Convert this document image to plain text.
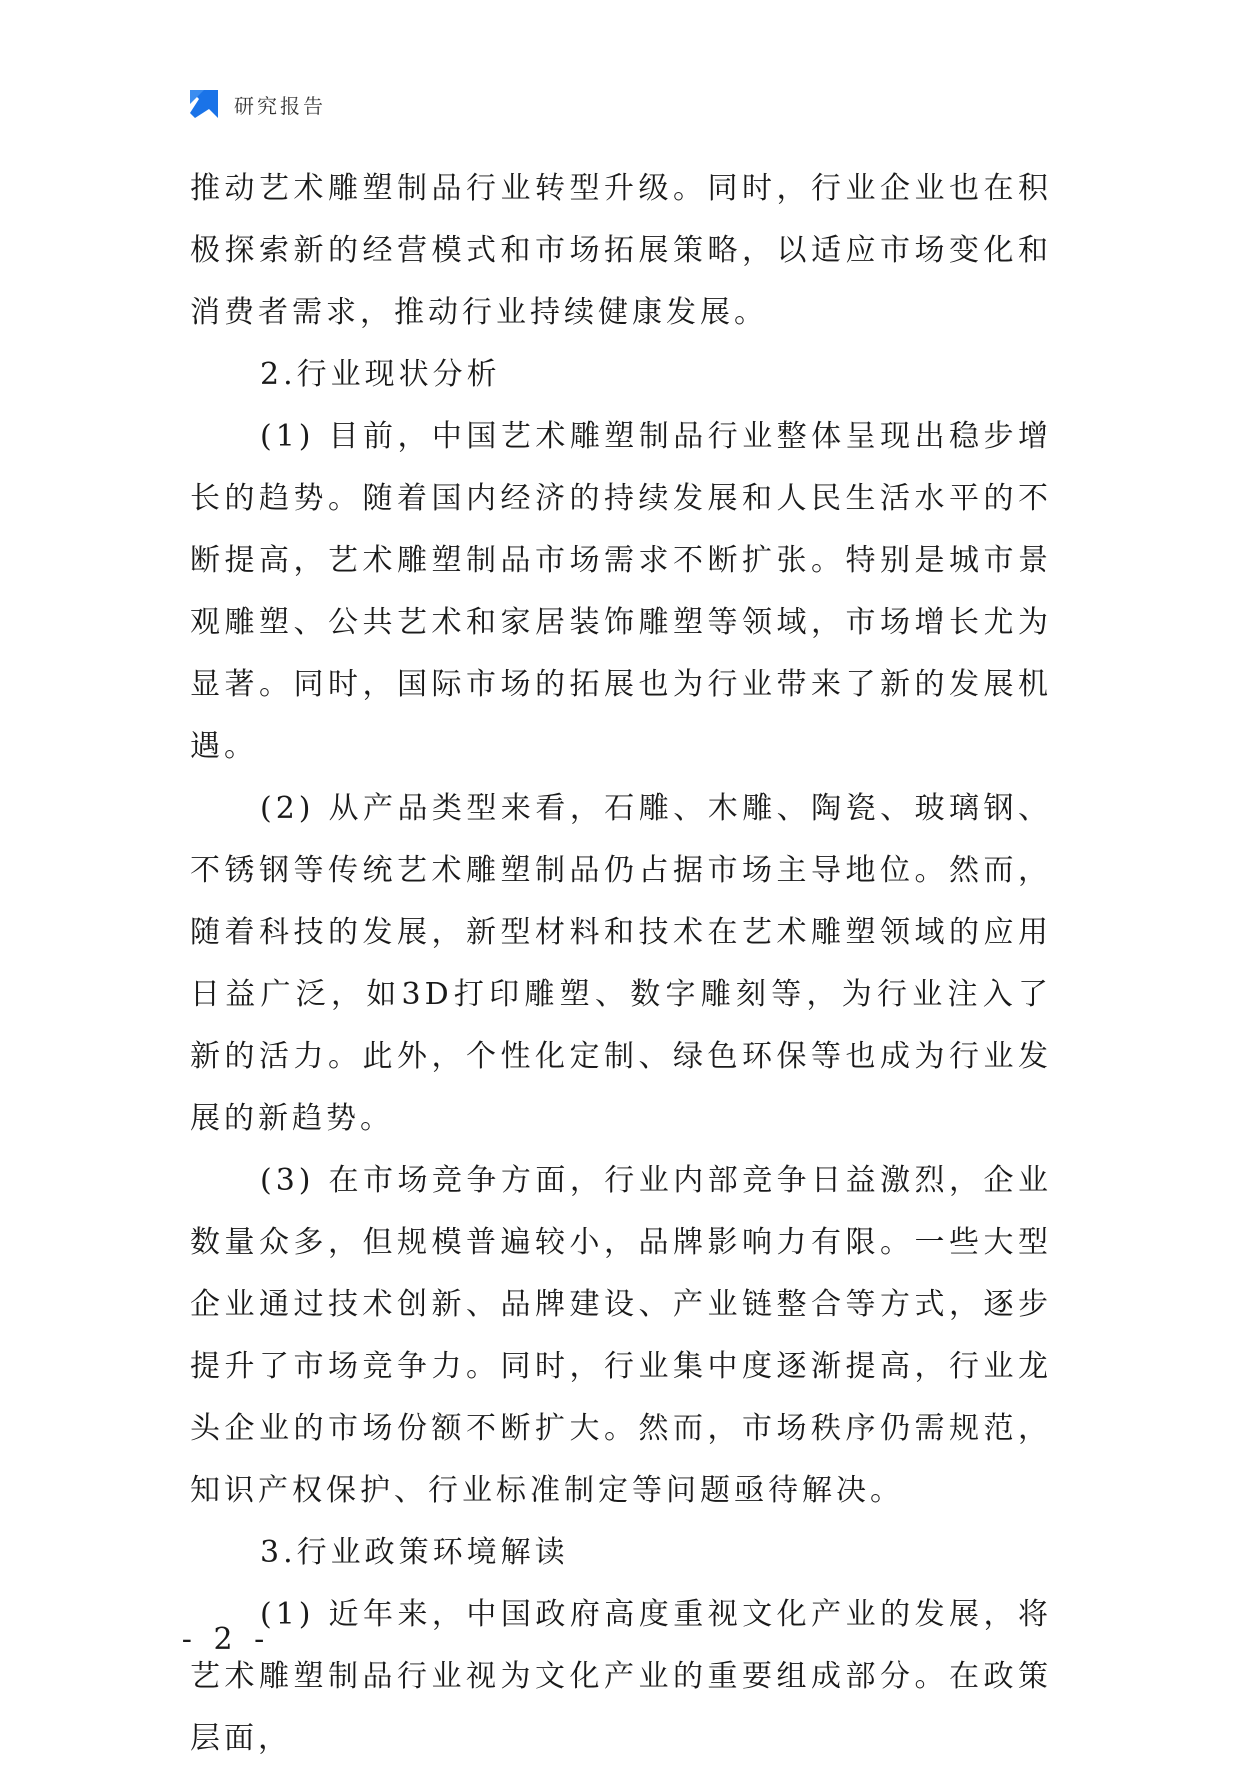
研究报告

推动艺术雕塑制品行业转型升级。同时，行业企业也在积极探索新的经营模式和市场拓展策略，以适应市场变化和消费者需求，推动行业持续健康发展。

2.行业现状分析

(1) 目前，中国艺术雕塑制品行业整体呈现出稳步增长的趋势。随着国内经济的持续发展和人民生活水平的不断提高，艺术雕塑制品市场需求不断扩张。特别是城市景观雕塑、公共艺术和家居装饰雕塑等领域，市场增长尤为显著。同时，国际市场的拓展也为行业带来了新的发展机遇。

(2) 从产品类型来看，石雕、木雕、陶瓷、玻璃钢、不锈钢等传统艺术雕塑制品仍占据市场主导地位。然而，随着科技的发展，新型材料和技术在艺术雕塑领域的应用日益广泛，如3D打印雕塑、数字雕刻等，为行业注入了新的活力。此外，个性化定制、绿色环保等也成为行业发展的新趋势。

(3) 在市场竞争方面，行业内部竞争日益激烈，企业数量众多，但规模普遍较小，品牌影响力有限。一些大型企业通过技术创新、品牌建设、产业链整合等方式，逐步提升了市场竞争力。同时，行业集中度逐渐提高，行业龙头企业的市场份额不断扩大。然而，市场秩序仍需规范，知识产权保护、行业标准制定等问题亟待解决。

3.行业政策环境解读

(1) 近年来，中国政府高度重视文化产业的发展，将艺术雕塑制品行业视为文化产业的重要组成部分。在政策层面，

- 2 -
